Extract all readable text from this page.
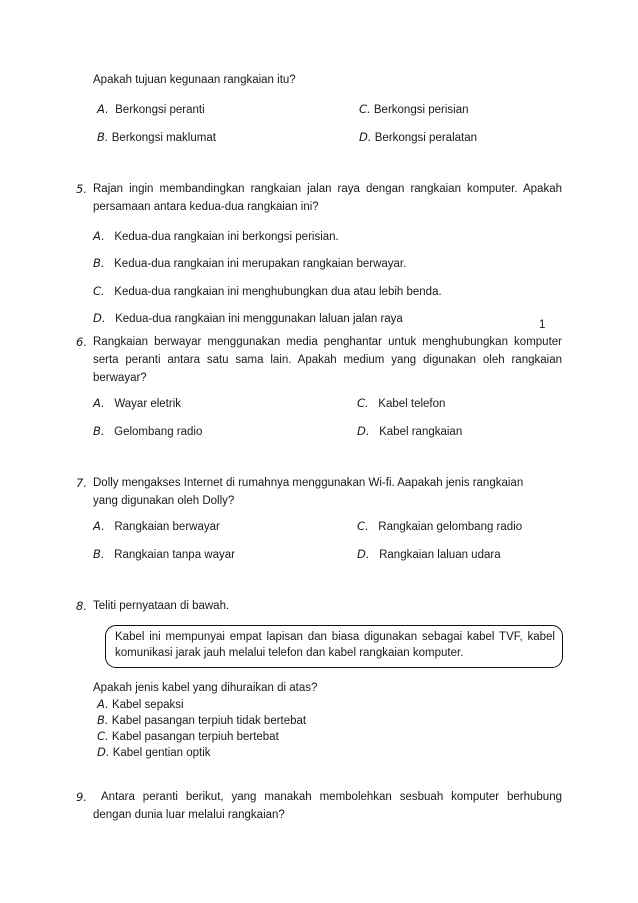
Apakah tujuan kegunaan rangkaian itu?
A. Berkongsi peranti	C. Berkongsi perisian
B. Berkongsi maklumat	D. Berkongsi peralatan
5. Rajan ingin membandingkan rangkaian jalan raya dengan rangkaian komputer. Apakah persamaan antara kedua-dua rangkaian ini?
A. Kedua-dua rangkaian ini berkongsi perisian.
B. Kedua-dua rangkaian ini merupakan rangkaian berwayar.
C. Kedua-dua rangkaian ini menghubungkan dua atau lebih benda.
D. Kedua-dua rangkaian ini menggunakan laluan jalan raya	1
6. Rangkaian berwayar menggunakan media penghantar untuk menghubungkan komputer serta peranti antara satu sama lain. Apakah medium yang digunakan oleh rangkaian berwayar?
A. Wayar eletrik	C. Kabel telefon
B. Gelombang radio	D. Kabel rangkaian
7. Dolly mengakses Internet di rumahnya menggunakan Wi-fi. Aapakah jenis rangkaian
yang digunakan oleh Dolly?
A. Rangkaian berwayar	C. Rangkaian gelombang radio
B. Rangkaian tanpa wayar	D. Rangkaian laluan udara
8. Teliti pernyataan di bawah.
Kabel ini mempunyai empat lapisan dan biasa digunakan sebagai kabel TVF, kabel komunikasi jarak jauh melalui telefon dan kabel rangkaian komputer.
Apakah jenis kabel yang dihuraikan di atas?
A. Kabel sepaksi
B. Kabel pasangan terpiuh tidak bertebat
C. Kabel pasangan terpiuh bertebat
D. Kabel gentian optik
9.	Antara peranti berikut, yang manakah membolehkan sesbuah komputer berhubung dengan dunia luar melalui rangkaian?
